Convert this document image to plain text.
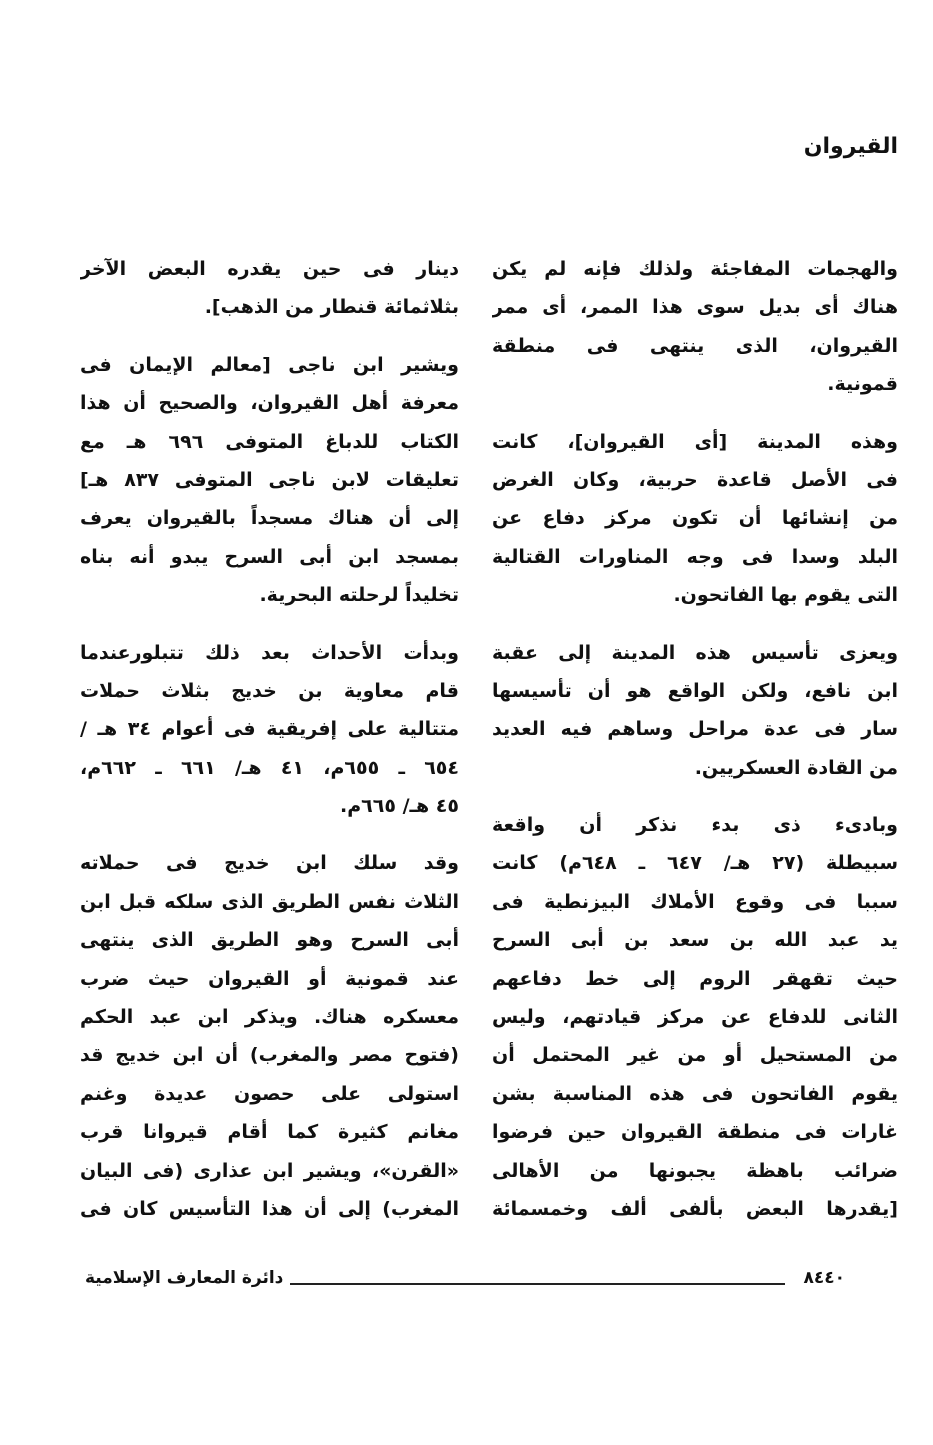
القيروان
والهجمات المفاجئة ولذلك فإنه لم يكن
هناك أى بديل سوى هذا الممر، أى ممر
القيروان، الذى ينتهى فى منطقة
قمونية.
وهذه المدينة [أى القيروان]، كانت
فى الأصل قاعدة حربية، وكان الغرض
من إنشائها أن تكون مركز دفاع عن
البلد وسدا فى وجه المناورات القتالية
التى يقوم بها الفاتحون.
ويعزى تأسيس هذه المدينة إلى عقبة
ابن نافع، ولكن الواقع هو أن تأسيسها
سار فى عدة مراحل وساهم فيه العديد
من القادة العسكريين.
وبادىء ذى بدء نذكر أن واقعة
سبيطلة (٢٧ هـ/ ٦٤٧ ـ ٦٤٨م) كانت
سببا فى وقوع الأملاك البيزنطية فى
يد عبد الله بن سعد بن أبى السرح
حيث تقهقر الروم إلى خط دفاعهم
الثانى للدفاع عن مركز قيادتهم، وليس
من المستحيل أو من غير المحتمل أن
يقوم الفاتحون فى هذه المناسبة بشن
غارات فى منطقة القيروان حين فرضوا
ضرائب باهظة يجبونها من الأهالى
[يقدرها البعض بألفى ألف وخمسمائة
دينار فى حين يقدره البعض الآخر
بثلاثمائة قنطار من الذهب].
ويشير ابن ناجى [معالم الإيمان فى
معرفة أهل القيروان، والصحيح أن هذا
الكتاب للدباغ المتوفى ٦٩٦ هـ مع
تعليقات لابن ناجى المتوفى ٨٣٧ هـ]
إلى أن هناك مسجداً بالقيروان يعرف
بمسجد ابن أبى السرح يبدو أنه بناه
تخليداً لرحلته البحرية.
وبدأت الأحداث بعد ذلك تتبلورعندما
قام معاوية بن خديج بثلاث حملات
متتالية على إفريقية فى أعوام ٣٤ هـ /
٦٥٤ ـ ٦٥٥م، ٤١ هـ/ ٦٦١ ـ ٦٦٢م،
٤٥ هـ/ ٦٦٥م.
وقد سلك ابن خديج فى حملاته
الثلاث نفس الطريق الذى سلكه قبل ابن
أبى السرح وهو الطريق الذى ينتهى
عند قمونية أو القيروان حيث ضرب
معسكره هناك. ويذكر ابن عبد الحكم
(فتوح مصر والمغرب) أن ابن خديج قد
استولى على حصون عديدة وغنم
مغانم كثيرة كما أقام قيروانا قرب
«القرن»، ويشير ابن عذارى (فى البيان
المغرب) إلى أن هذا التأسيس كان فى
دائرة المعارف الإسلامية	٨٤٤٠
